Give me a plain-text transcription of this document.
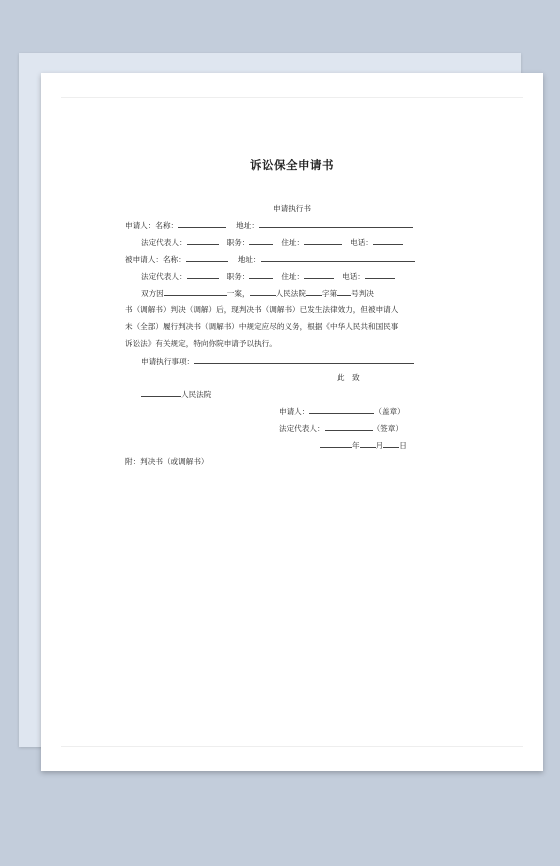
诉讼保全申请书
申请执行书
申请人：名称：	地址：
法定代表人：	职务：	住址：	电话：
被申请人：名称：	地址：
法定代表人：	职务：	住址：	电话：
双方因	一案，	人民法院 字第 号判决
书（调解书）判决（调解）后，现判决书（调解书）已发生法律效力，但被申请人
未（全部）履行判决书（调解书）中规定应尽的义务，根据《中华人民共和国民事
诉讼法》有关规定，特向你院申请予以执行。
申请执行事项：
此　致
人民法院
申请人：	（盖章）
法定代表人：	（签章）
年 月 日
附：判决书（或调解书）
